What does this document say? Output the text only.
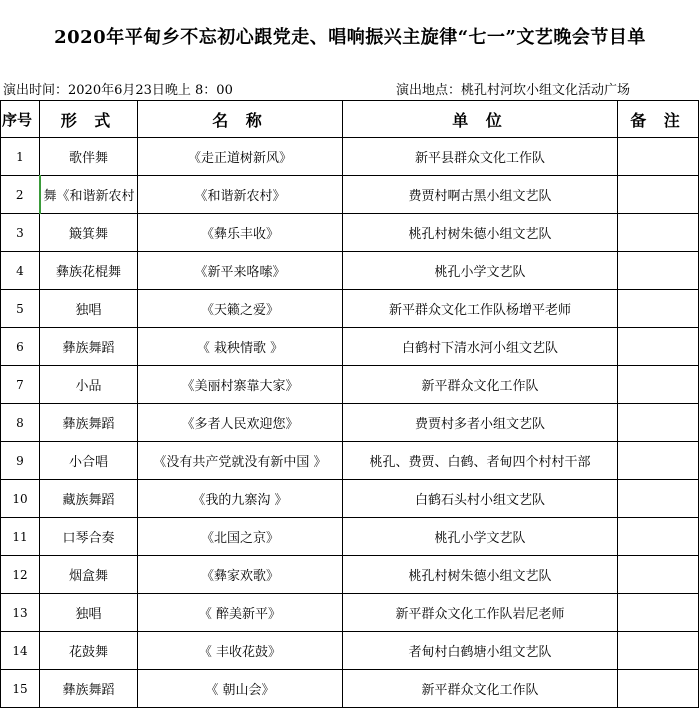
2020年平甸乡不忘初心跟党走、唱响振兴主旋律“七一”文艺晚会节目单
演出时间：2020年6月23日晚上 8：00	演出地点：桃孔村河坎小组文化活动广场
序号	形 式	名 称	单 位	备 注
1	歌伴舞	《走正道树新风》	新平县群众文化工作队	
2	舞《和谐新农村	《和谐新农村》	费贾村啊古黑小组文艺队	
3	簸箕舞	《彝乐丰收》	桃孔村树朱德小组文艺队	
4	彝族花棍舞	《新平来咯嗦》	桃孔小学文艺队	
5	独唱	《天籁之爱》	新平群众文化工作队杨增平老师	
6	彝族舞蹈	《 栽秧情歌 》	白鹤村下清水河小组文艺队	
7	小品	《美丽村寨靠大家》	新平群众文化工作队	
8	彝族舞蹈	《多者人民欢迎您》	费贾村多者小组文艺队	
9	小合唱	《没有共产党就没有新中国 》	桃孔、费贾、白鹤、者甸四个村村干部	
10	藏族舞蹈	《我的九寨沟 》	白鹤石头村小组文艺队	
11	口琴合奏	《北国之京》	桃孔小学文艺队	
12	烟盒舞	《彝家欢歌》	桃孔村树朱德小组文艺队	
13	独唱	《 醉美新平》	新平群众文化工作队岩尼老师	
14	花鼓舞	《 丰收花鼓》	者甸村白鹤塘小组文艺队	
15	彝族舞蹈	《 朝山会》	新平群众文化工作队	
